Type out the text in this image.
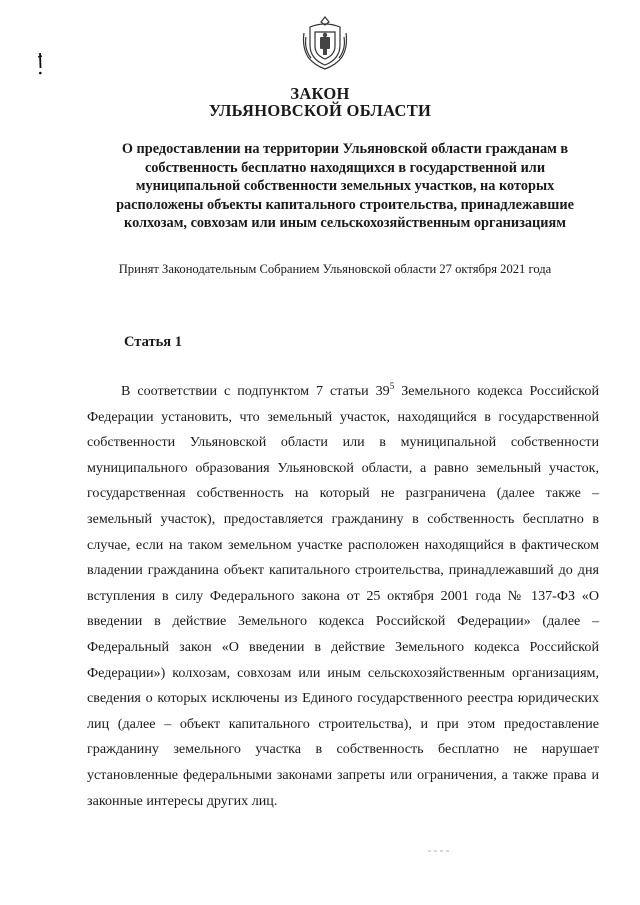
ЗАКОН

УЛЬЯНОВСКОЙ ОБЛАСТИ

О предоставлении на территории Ульяновской области гражданам в собственность бесплатно находящихся в государственной или муниципальной собственности земельных участков, на которых расположены объекты капитального строительства, принадлежавшие колхозам, совхозам или иным сельскохозяйственным организациям

Принят Законодательным Собранием Ульяновской области 27 октября 2021 года

Статья 1

В соответствии с подпунктом 7 статьи $39^5$ Земельного кодекса Российской Федерации установить, что земельный участок, находящийся в государственной собственности Ульяновской области или в муниципальной собственности муниципального образования Ульяновской области, а равно земельный участок, государственная собственность на который не разграничена (далее также – земельный участок), предоставляется гражданину в собственность бесплатно в случае, если на таком земельном участке расположен находящийся в фактическом владении гражданина объект капитального строительства, принадлежавший до дня вступления в силу Федерального закона от 25 октября 2001 года № 137-ФЗ «О введении в действие Земельного кодекса Российской Федерации» (далее – Федеральный закон «О введении в действие Земельного кодекса Российской Федерации») колхозам, совхозам или иным сельскохозяйственным организациям, сведения о которых исключены из Единого государственного реестра юридических лиц (далее – объект капитального строительства), и при этом предоставление гражданину земельного участка в собственность бесплатно не нарушает установленные федеральными законами запреты или ограничения, а также права и законные интересы других лиц.
